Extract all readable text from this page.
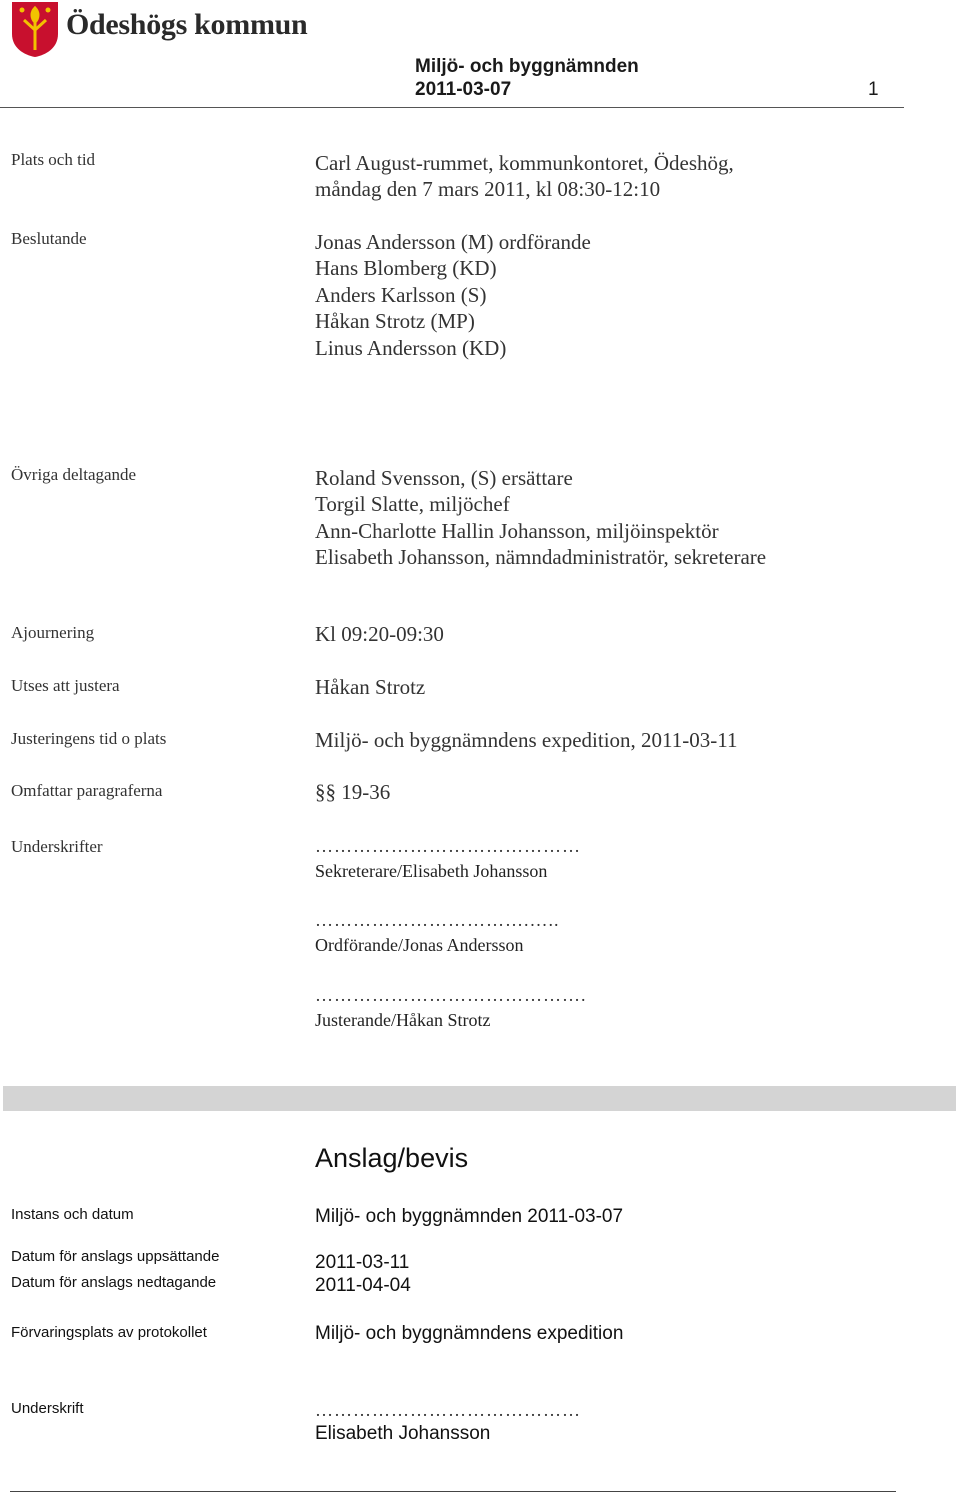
Ödeshögs kommun
Miljö- och byggnämnden
2011-03-07	1
Plats och tid	Carl August-rummet, kommunkontoret, Ödeshög,
måndag den 7 mars 2011, kl 08:30-12:10
Beslutande	Jonas Andersson (M) ordförande
Hans Blomberg (KD)
Anders Karlsson (S)
Håkan Strotz (MP)
Linus Andersson (KD)
Övriga deltagande	Roland Svensson, (S) ersättare
Torgil Slatte, miljöchef
Ann-Charlotte Hallin Johansson, miljöinspektör
Elisabeth Johansson, nämndadministratör, sekreterare
Ajournering	Kl 09:20-09:30
Utses att justera	Håkan Strotz
Justeringens tid o plats	Miljö- och byggnämndens expedition, 2011-03-11
Omfattar paragraferna	§§ 19-36
Underskrifter	……………………………………
Sekreterare/Elisabeth Johansson
…………………………….…..
Ordförande/Jonas Andersson
…………………………………….
Justerande/Håkan Strotz
Anslag/bevis
Instans och datum	Miljö- och byggnämnden 2011-03-07
Datum för anslags uppsättande	2011-03-11
Datum för anslags nedtagande	2011-04-04
Förvaringsplats av protokollet	Miljö- och byggnämndens expedition
Underskrift	……………………………………
Elisabeth Johansson
